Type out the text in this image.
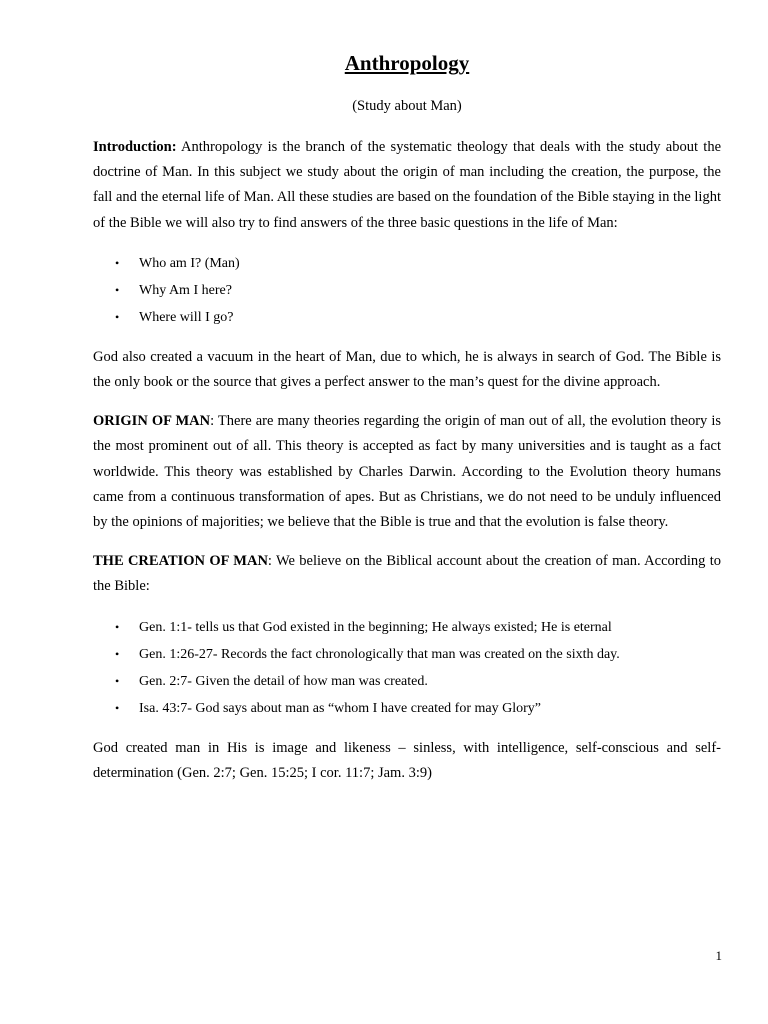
Anthropology
(Study about Man)

Introduction: Anthropology is the branch of the systematic theology that deals with the study about the doctrine of Man. In this subject we study about the origin of man including the creation, the purpose, the fall and the eternal life of Man. All these studies are based on the foundation of the Bible staying in the light of the Bible we will also try to find answers of the three basic questions in the life of Man:

• Who am I? (Man)
• Why Am I here?
• Where will I go?

God also created a vacuum in the heart of Man, due to which, he is always in search of God. The Bible is the only book or the source that gives a perfect answer to the man’s quest for the divine approach.

ORIGIN OF MAN: There are many theories regarding the origin of man out of all, the evolution theory is the most prominent out of all. This theory is accepted as fact by many universities and is taught as a fact worldwide. This theory was established by Charles Darwin. According to the Evolution theory humans came from a continuous transformation of apes. But as Christians, we do not need to be unduly influenced by the opinions of majorities; we believe that the Bible is true and that the evolution is false theory.

THE CREATION OF MAN: We believe on the Biblical account about the creation of man. According to the Bible:

• Gen. 1:1- tells us that God existed in the beginning; He always existed; He is eternal
• Gen. 1:26-27- Records the fact chronologically that man was created on the sixth day.
• Gen. 2:7- Given the detail of how man was created.
• Isa. 43:7- God says about man as “whom I have created for may Glory”

God created man in His is image and likeness – sinless, with intelligence, self-conscious and self-determination (Gen. 2:7; Gen. 15:25; I cor. 11:7; Jam. 3:9)

1
